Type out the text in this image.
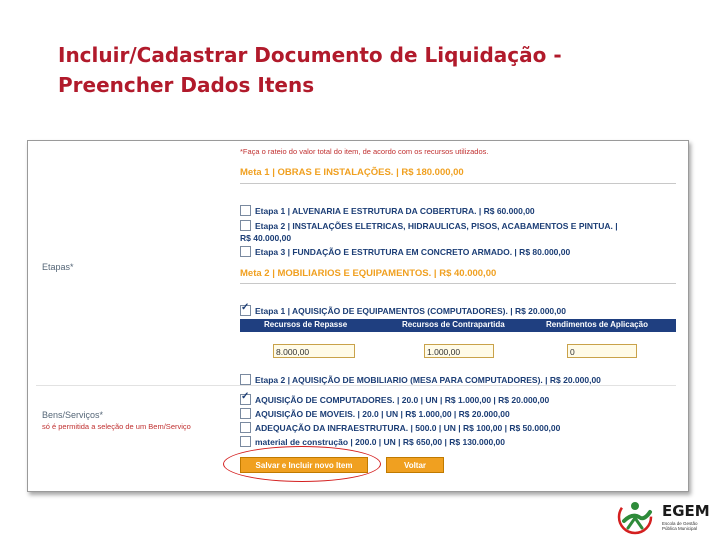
Incluir/Cadastrar Documento de Liquidação -
Preencher Dados Itens
Etapas*
Bens/Serviços*
só é permitida a seleção de um Bem/Serviço
*Faça o rateio do valor total do item, de acordo com os recursos utilizados.
Meta 1 | OBRAS E INSTALAÇÕES. | R$ 180.000,00
Etapa 1 | ALVENARIA E ESTRUTURA DA COBERTURA. | R$ 60.000,00
Etapa 2 | INSTALAÇÕES ELETRICAS, HIDRAULICAS, PISOS, ACABAMENTOS E PINTUA. |
R$ 40.000,00
Etapa 3 | FUNDAÇÃO E ESTRUTURA EM CONCRETO ARMADO. | R$ 80.000,00
Meta 2 | MOBILIARIOS E EQUIPAMENTOS. | R$ 40.000,00
✓Etapa 1 | AQUISIÇÃO DE EQUIPAMENTOS (COMPUTADORES). | R$ 20.000,00
Recursos de Repasse	Recursos de Contrapartida	Rendimentos de Aplicação
8.000,00	1.000,00	0
Etapa 2 | AQUISIÇÃO DE MOBILIARIO (MESA PARA COMPUTADORES). | R$ 20.000,00
✓AQUISIÇÃO DE COMPUTADORES. | 20.0 | UN | R$ 1.000,00 | R$ 20.000,00
AQUISIÇÃO DE MOVEIS. | 20.0 | UN | R$ 1.000,00 | R$ 20.000,00
ADEQUAÇÃO DA INFRAESTRUTURA. | 500.0 | UN | R$ 100,00 | R$ 50.000,00
material de construção | 200.0 | UN | R$ 650,00 | R$ 130.000,00
Salvar e Incluir novo Item	Voltar
EGEM
Escola de Gestão Pública Municipal
